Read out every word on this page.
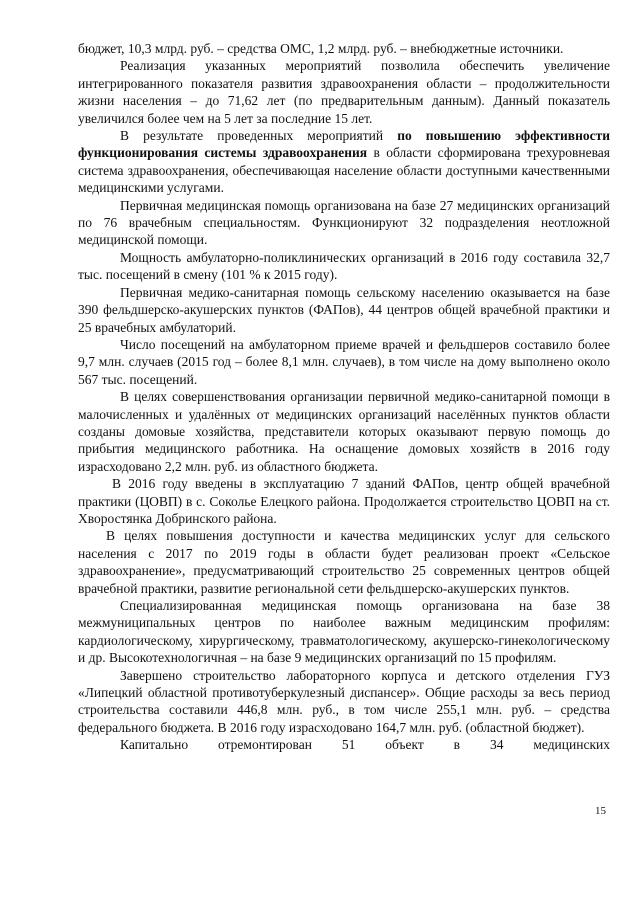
бюджет, 10,3 млрд. руб. – средства ОМС, 1,2 млрд. руб. – внебюджетные источники.

Реализация указанных мероприятий позволила обеспечить увеличение интегрированного показателя развития здравоохранения области – продолжительности жизни населения – до 71,62 лет (по предварительным данным). Данный показатель увеличился более чем на 5 лет за последние 15 лет.

В результате проведенных мероприятий по повышению эффективности функционирования системы здравоохранения в области сформирована трехуровневая система здравоохранения, обеспечивающая население области доступными качественными медицинскими услугами.

Первичная медицинская помощь организована на базе 27 медицинских организаций по 76 врачебным специальностям. Функционируют 32 подразделения неотложной медицинской помощи.

Мощность амбулаторно-поликлинических организаций в 2016 году составила 32,7 тыс. посещений в смену (101 % к 2015 году).

Первичная медико-санитарная помощь сельскому населению оказывается на базе 390 фельдшерско-акушерских пунктов (ФАПов), 44 центров общей врачебной практики и 25 врачебных амбулаторий.

Число посещений на амбулаторном приеме врачей и фельдшеров составило более 9,7 млн. случаев (2015 год – более 8,1 млн. случаев), в том числе на дому выполнено около 567 тыс. посещений.

В целях совершенствования организации первичной медико-санитарной помощи в малочисленных и удалённых от медицинских организаций населённых пунктов области созданы домовые хозяйства, представители которых оказывают первую помощь до прибытия медицинского работника. На оснащение домовых хозяйств в 2016 году израсходовано 2,2 млн. руб. из областного бюджета.

В 2016 году введены в эксплуатацию 7 зданий ФАПов, центр общей врачебной практики (ЦОВП) в с. Соколье Елецкого района. Продолжается строительство ЦОВП на ст. Хворостянка Добринского района.

В целях повышения доступности и качества медицинских услуг для сельского населения с 2017 по 2019 годы в области будет реализован проект «Сельское здравоохранение», предусматривающий строительство 25 современных центров общей врачебной практики, развитие региональной сети фельдшерско-акушерских пунктов.

Специализированная медицинская помощь организована на базе 38 межмуниципальных центров по наиболее важным медицинским профилям: кардиологическому, хирургическому, травматологическому, акушерско-гинекологическому и др. Высокотехнологичная – на базе 9 медицинских организаций по 15 профилям.

Завершено строительство лабораторного корпуса и детского отделения ГУЗ «Липецкий областной противотуберкулезный диспансер». Общие расходы за весь период строительства составили 446,8 млн. руб., в том числе 255,1 млн. руб. – средства федерального бюджета. В 2016 году израсходовано 164,7 млн. руб. (областной бюджет).

Капитально отремонтирован 51 объект в 34 медицинских

15
